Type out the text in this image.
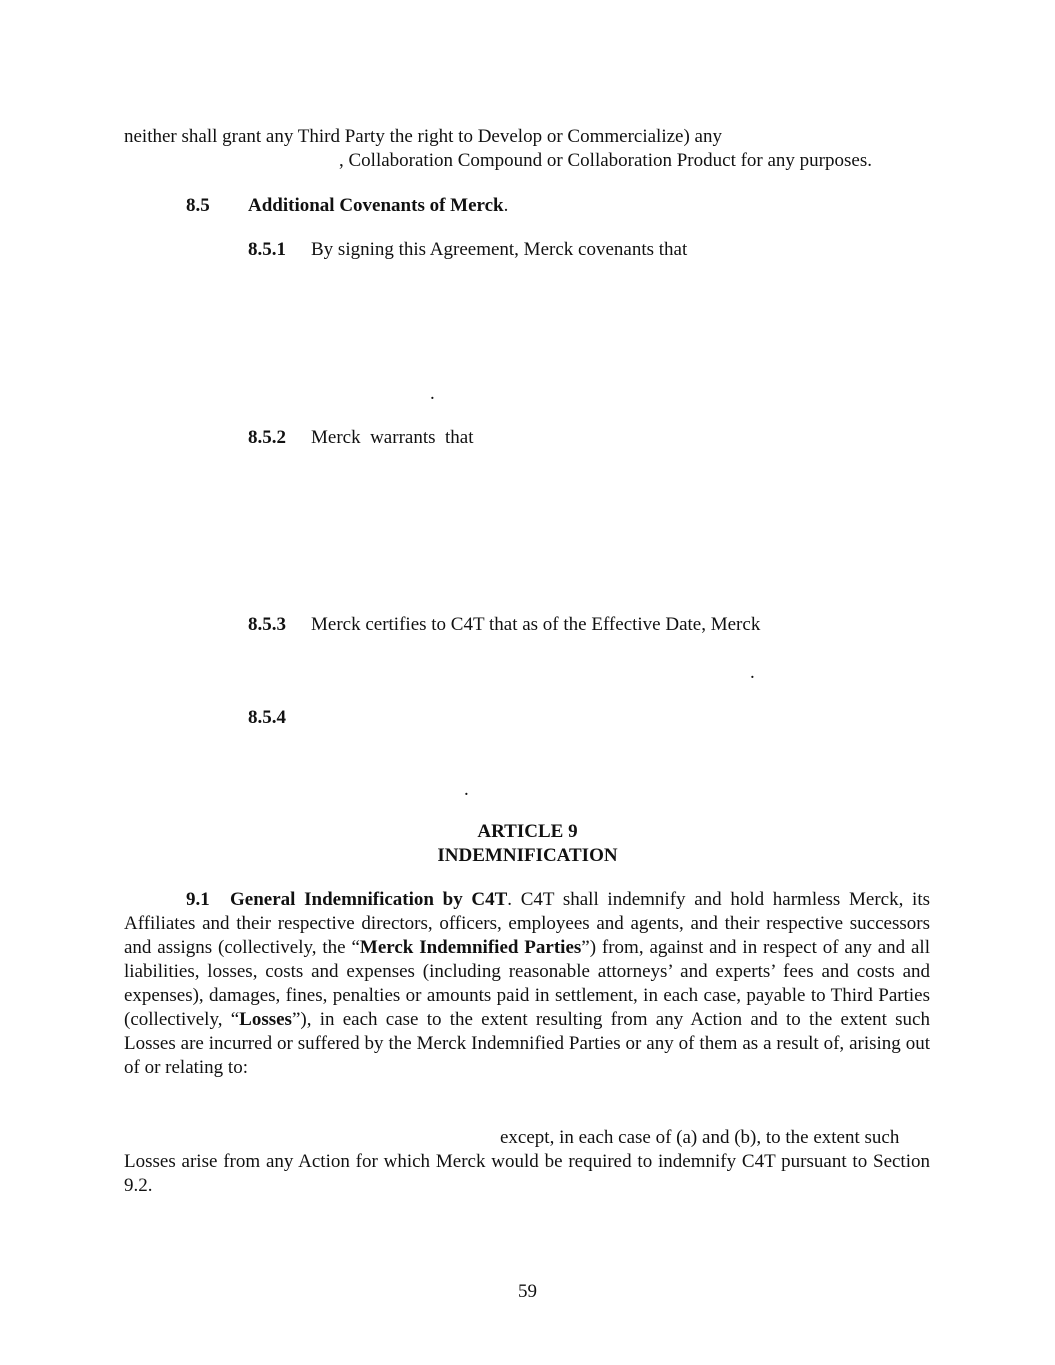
neither shall grant any Third Party the right to Develop or Commercialize) any
, Collaboration Compound or Collaboration Product for any purposes.
8.5 Additional Covenants of Merck.
8.5.1 By signing this Agreement, Merck covenants that
.
8.5.2 Merck  warrants  that
8.5.3 Merck certifies to C4T that as of the Effective Date, Merck
.
8.5.4
.
ARTICLE 9
INDEMNIFICATION
9.1 General Indemnification by C4T. C4T shall indemnify and hold harmless Merck, its Affiliates and their respective directors, officers, employees and agents, and their respective successors and assigns (collectively, the “Merck Indemnified Parties”) from, against and in respect of any and all liabilities, losses, costs and expenses (including reasonable attorneys’ and experts’ fees and costs and expenses), damages, fines, penalties or amounts paid in settlement, in each case, payable to Third Parties (collectively, “Losses”), in each case to the extent resulting from any Action and to the extent such Losses are incurred or suffered by the Merck Indemnified Parties or any of them as a result of, arising out of or relating to:
except, in each case of (a) and (b), to the extent such
Losses arise from any Action for which Merck would be required to indemnify C4T pursuant to Section 9.2.
59
